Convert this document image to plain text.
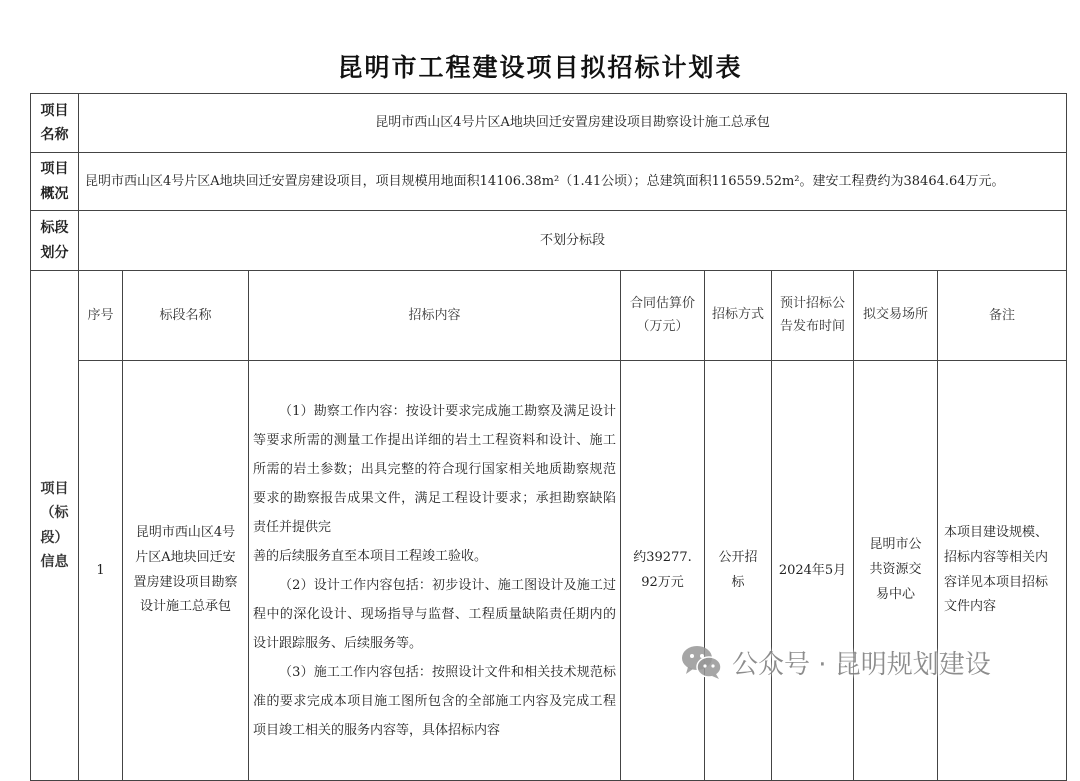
昆明市工程建设项目拟招标计划表
项目名称	昆明市西山区4号片区A地块回迁安置房建设项目勘察设计施工总承包							
项目概况	昆明市西山区4号片区A地块回迁安置房建设项目，项目规模用地面积14106.38m²（1.41公顷）；总建筑面积116559.52m²。建安工程费约为38464.64万元。							
标段划分	不划分标段							
项目（标段）信息	序号	标段名称	招标内容	合同估算价（万元）	招标方式	预计招标公告发布时间	拟交易场所	备注
	1	昆明市西山区4号片区A地块回迁安置房建设项目勘察设计施工总承包	（1）勘察工作内容：按设计要求完成施工勘察及满足设计等要求所需的测量工作提出详细的岩土工程资料和设计、施工所需的岩土参数；出具完整的符合现行国家相关地质勘察规范要求的勘察报告成果文件，满足工程设计要求；承担勘察缺陷责任并提供完

善的后续服务直至本项目工程竣工验收。

（2）设计工作内容包括：初步设计、施工图设计及施工过程中的深化设计、现场指导与监督、工程质量缺陷责任期内的设计跟踪服务、后续服务等。

（3）施工工作内容包括：按照设计文件和相关技术规范标准的要求完成本项目施工图所包含的全部施工内容及完成工程项目竣工相关的服务内容等，具体招标内容	约39277.92万元	公开招标	2024年5月	昆明市公共资源交易中心	本项目建设规模、招标内容等相关内容详见本项目招标文件内容
公众号 · 昆明规划建设
